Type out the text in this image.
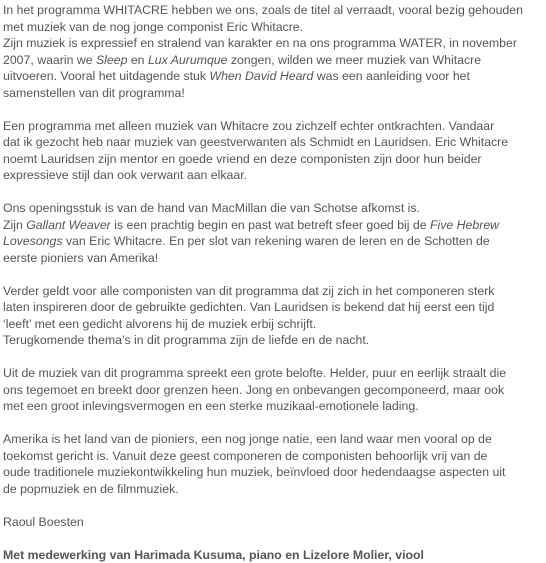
In het programma WHITACRE hebben we ons, zoals de titel al verraadt, vooral bezig gehouden
met muziek van de nog jonge componist Eric Whitacre.
Zijn muziek is expressief en stralend van karakter en na ons programma WATER, in november
2007, waarin we Sleep en Lux Aurumque zongen, wilden we meer muziek van Whitacre
uitvoeren. Vooral het uitdagende stuk When David Heard was een aanleiding voor het
samenstellen van dit programma!

Een programma met alleen muziek van Whitacre zou zichzelf echter ontkrachten. Vandaar
dat ik gezocht heb naar muziek van geestverwanten als Schmidt en Lauridsen. Eric Whitacre
noemt Lauridsen zijn mentor en goede vriend en deze componisten zijn door hun beider
expressieve stijl dan ook verwant aan elkaar.

Ons openingsstuk is van de hand van MacMillan die van Schotse afkomst is.
Zijn Gallant Weaver is een prachtig begin en past wat betreft sfeer goed bij de Five Hebrew
Lovesongs van Eric Whitacre. En per slot van rekening waren de leren en de Schotten de
eerste pioniers van Amerika!

Verder geldt voor alle componisten van dit programma dat zij zich in het componeren sterk
laten inspireren door de gebruikte gedichten. Van Lauridsen is bekend dat hij eerst een tijd
‘leeft’ met een gedicht alvorens hij de muziek erbij schrijft.
Terugkomende thema’s in dit programma zijn de liefde en de nacht.

Uit de muziek van dit programma spreekt een grote belofte. Helder, puur en eerlijk straalt die
ons tegemoet en breekt door grenzen heen. Jong en onbevangen gecomponeerd, maar ook
met een groot inlevingsvermogen en een sterke muzikaal-emotionele lading.

Amerika is het land van de pioniers, een nog jonge natie, een land waar men vooral op de
toekomst gericht is. Vanuit deze geest componeren de componisten behoorlijk vrij van de
oude traditionele muziekontwikkeling hun muziek, beïnvloed door hedendaagse aspecten uit
de popmuziek en de filmmuziek.

Raoul Boesten

Met medewerking van Harimada Kusuma, piano en Lizelore Molier, viool
